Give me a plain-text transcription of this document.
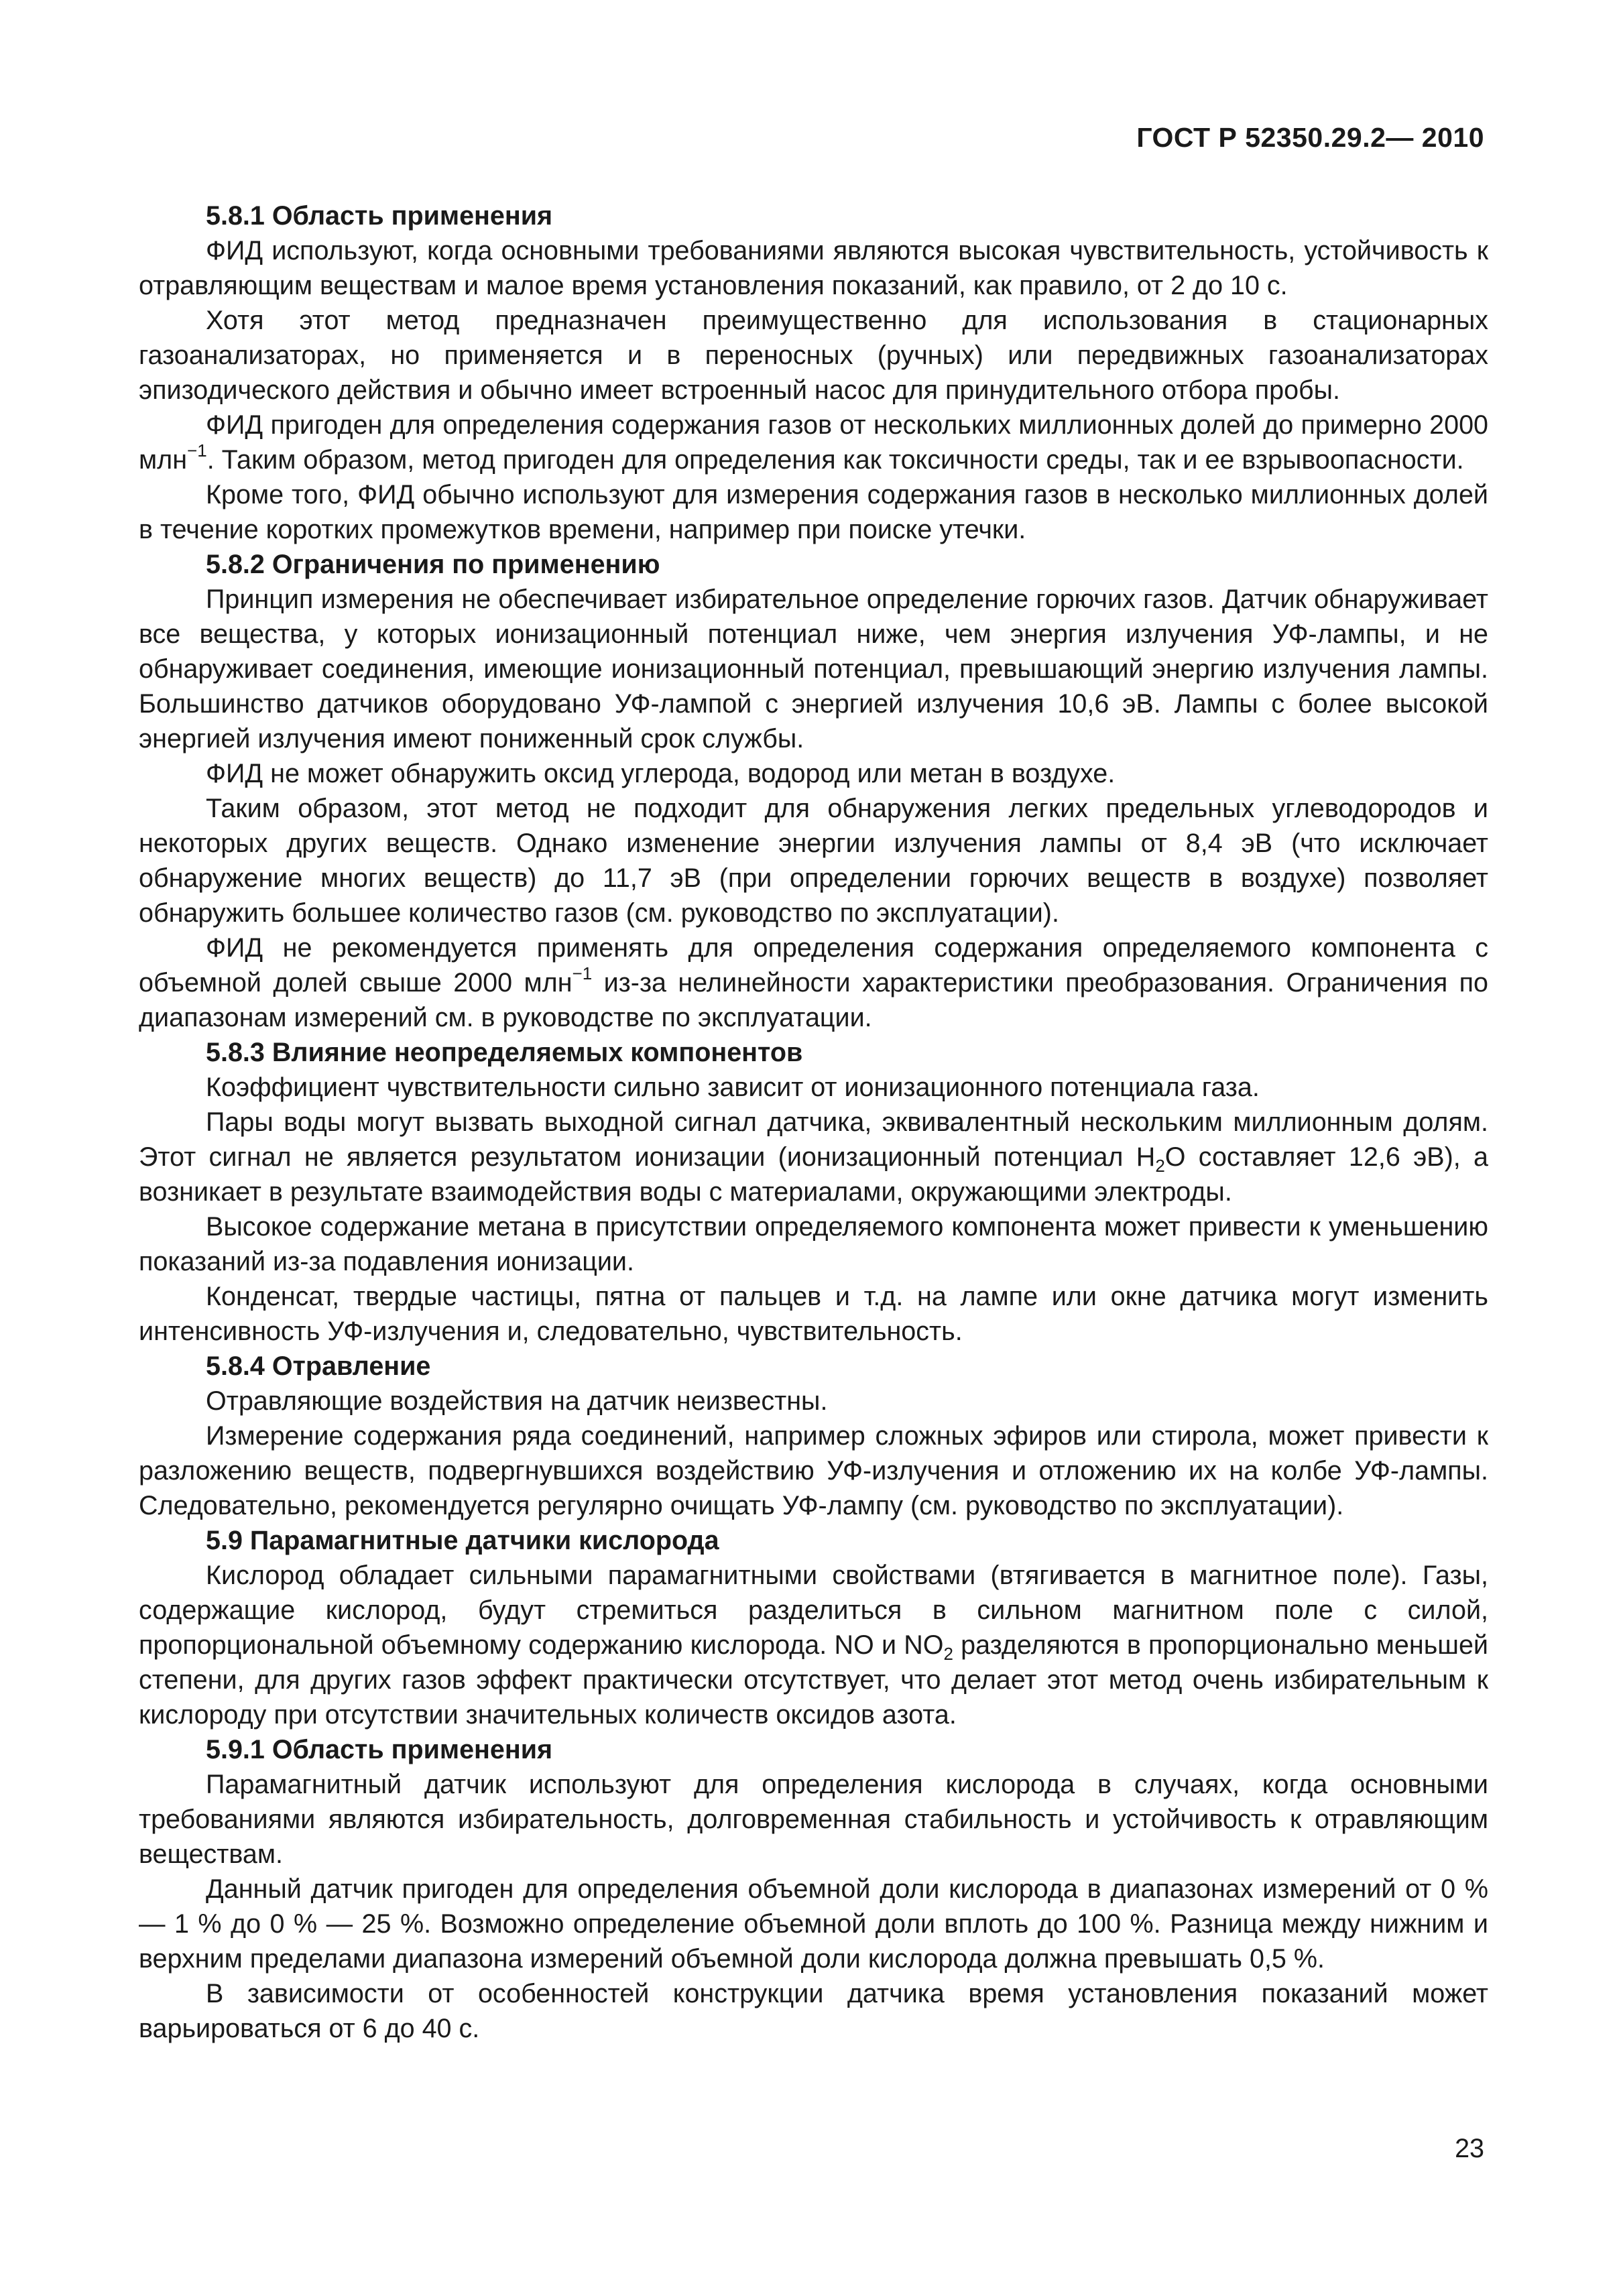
ГОСТ Р 52350.29.2— 2010
5.8.1 Область применения

ФИД используют, когда основными требованиями являются высокая чувствительность, устойчивость к отравляющим веществам и малое время установления показаний, как правило, от 2 до 10 с.

Хотя этот метод предназначен преимущественно для использования в стационарных газоанализаторах, но применяется и в переносных (ручных) или передвижных газоанализаторах эпизодического действия и обычно имеет встроенный насос для принудительного отбора пробы.

ФИД пригоден для определения содержания газов от нескольких миллионных долей до примерно 2000 млн$^{-1}$. Таким образом, метод пригоден для определения как токсичности среды, так и ее взрывоопасности.

Кроме того, ФИД обычно используют для измерения содержания газов в несколько миллионных долей в течение коротких промежутков времени, например при поиске утечки.

5.8.2 Ограничения по применению

Принцип измерения не обеспечивает избирательное определение горючих газов. Датчик обнаруживает все вещества, у которых ионизационный потенциал ниже, чем энергия излучения УФ-лампы, и не обнаруживает соединения, имеющие ионизационный потенциал, превышающий энергию излучения лампы. Большинство датчиков оборудовано УФ-лампой с энергией излучения 10,6 эВ. Лампы с более высокой энергией излучения имеют пониженный срок службы.

ФИД не может обнаружить оксид углерода, водород или метан в воздухе.

Таким образом, этот метод не подходит для обнаружения легких предельных углеводородов и некоторых других веществ. Однако изменение энергии излучения лампы от 8,4 эВ (что исключает обнаружение многих веществ) до 11,7 эВ (при определении горючих веществ в воздухе) позволяет обнаружить большее количество газов (см. руководство по эксплуатации).

ФИД не рекомендуется применять для определения содержания определяемого компонента с объемной долей свыше 2000 млн$^{-1}$ из-за нелинейности характеристики преобразования. Ограничения по диапазонам измерений см. в руководстве по эксплуатации.

5.8.3 Влияние неопределяемых компонентов

Коэффициент чувствительности сильно зависит от ионизационного потенциала газа.

Пары воды могут вызвать выходной сигнал датчика, эквивалентный нескольким миллионным долям. Этот сигнал не является результатом ионизации (ионизационный потенциал $H_2O$ составляет 12,6 эВ), а возникает в результате взаимодействия воды с материалами, окружающими электроды.

Высокое содержание метана в присутствии определяемого компонента может привести к уменьшению показаний из-за подавления ионизации.

Конденсат, твердые частицы, пятна от пальцев и т.д. на лампе или окне датчика могут изменить интенсивность УФ-излучения и, следовательно, чувствительность.

5.8.4 Отравление

Отравляющие воздействия на датчик неизвестны.

Измерение содержания ряда соединений, например сложных эфиров или стирола, может привести к разложению веществ, подвергнувшихся воздействию УФ-излучения и отложению их на колбе УФ-лампы. Следовательно, рекомендуется регулярно очищать УФ-лампу (см. руководство по эксплуатации).

5.9 Парамагнитные датчики кислорода

Кислород обладает сильными парамагнитными свойствами (втягивается в магнитное поле). Газы, содержащие кислород, будут стремиться разделиться в сильном магнитном поле с силой, пропорциональной объемному содержанию кислорода. NO и $NO_2$ разделяются в пропорционально меньшей степени, для других газов эффект практически отсутствует, что делает этот метод очень избирательным к кислороду при отсутствии значительных количеств оксидов азота.

5.9.1 Область применения

Парамагнитный датчик используют для определения кислорода в случаях, когда основными требованиями являются избирательность, долговременная стабильность и устойчивость к отравляющим веществам.

Данный датчик пригоден для определения объемной доли кислорода в диапазонах измерений от 0 % — 1 % до 0 % — 25 %. Возможно определение объемной доли вплоть до 100 %. Разница между нижним и верхним пределами диапазона измерений объемной доли кислорода должна превышать 0,5 %.

В зависимости от особенностей конструкции датчика время установления показаний может варьироваться от 6 до 40 с.

23
